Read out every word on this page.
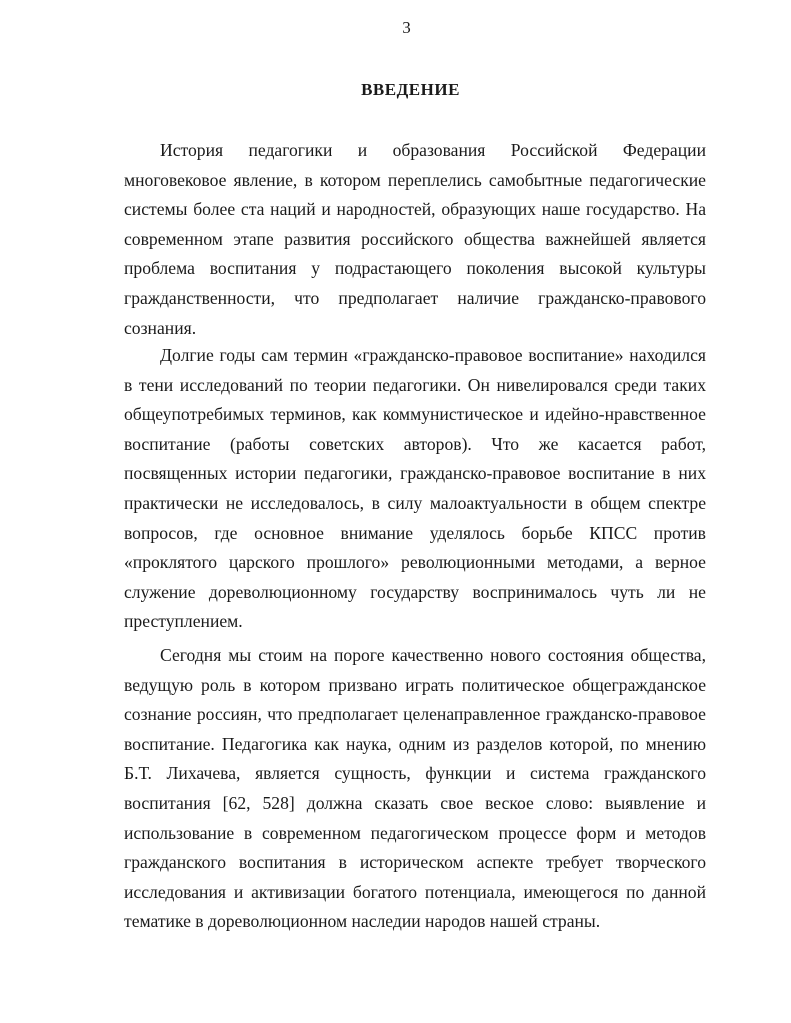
3
ВВЕДЕНИЕ

История педагогики и образования Российской Федерации многовековое явление, в котором переплелись самобытные педагогические системы более ста наций и народностей, образующих наше государство. На современном этапе развития российского общества важнейшей является проблема воспитания у подрастающего поколения высокой культуры гражданственности, что предполагает наличие гражданско-правового сознания.

Долгие годы сам термин «гражданско-правовое воспитание» находился в тени исследований по теории педагогики. Он нивелировался среди таких общеупотребимых терминов, как коммунистическое и идейно-нравственное воспитание (работы советских авторов). Что же касается работ, посвященных истории педагогики, гражданско-правовое воспитание в них практически не исследовалось, в силу малоактуальности в общем спектре вопросов, где основное внимание уделялось борьбе КПСС против «проклятого царского прошлого» революционными методами, а верное служение дореволюционному государству воспринималось чуть ли не преступлением.

Сегодня мы стоим на пороге качественно нового состояния общества, ведущую роль в котором призвано играть политическое общегражданское сознание россиян, что предполагает целенаправленное гражданско-правовое воспитание. Педагогика как наука, одним из разделов которой, по мнению Б.Т. Лихачева, является сущность, функции и система гражданского воспитания [62, 528] должна сказать свое веское слово: выявление и использование в современном педагогическом процессе форм и методов гражданского воспитания в историческом аспекте требует творческого исследования и активизации богатого потенциала, имеющегося по данной тематике в дореволюционном наследии народов нашей страны.
